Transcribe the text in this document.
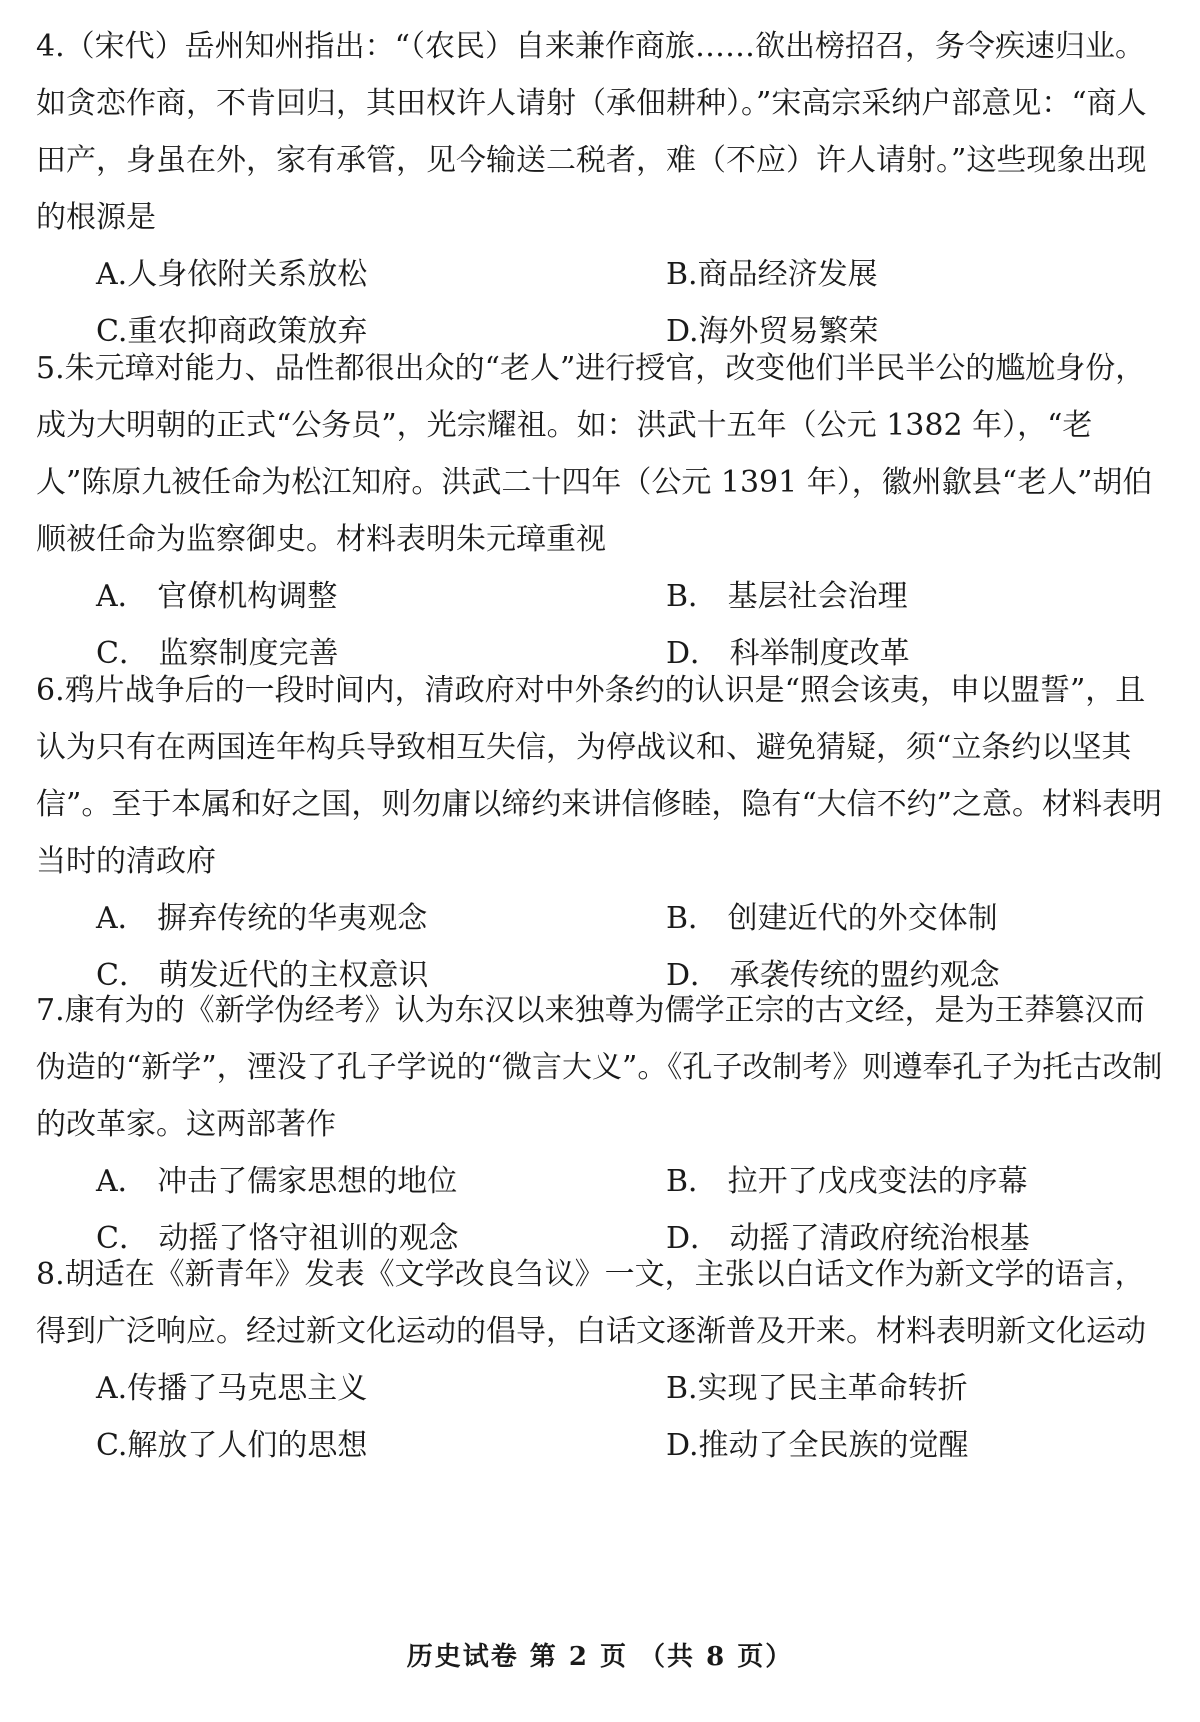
4.（宋代）岳州知州指出：“（农民）自来兼作商旅……欲出榜招召，务令疾速归业。如贪恋作商，不肯回归，其田权许人请射（承佃耕种）。”宋高宗采纳户部意见：“商人田产，身虽在外，家有承管，见今输送二税者，难（不应）许人请射。”这些现象出现的根源是

A.人身依附关系放松	B.商品经济发展
C.重农抑商政策放弃	D.海外贸易繁荣

5.朱元璋对能力、品性都很出众的“老人”进行授官，改变他们半民半公的尴尬身份，成为大明朝的正式“公务员”，光宗耀祖。如：洪武十五年（公元 1382 年），“老人”陈原九被任命为松江知府。洪武二十四年（公元 1391 年），徽州歙县“老人”胡伯顺被任命为监察御史。材料表明朱元璋重视

A． 官僚机构调整	B． 基层社会治理
C． 监察制度完善	D． 科举制度改革

6.鸦片战争后的一段时间内，清政府对中外条约的认识是“照会该夷，申以盟誓”，且认为只有在两国连年构兵导致相互失信，为停战议和、避免猜疑，须“立条约以坚其信”。至于本属和好之国，则勿庸以缔约来讲信修睦，隐有“大信不约”之意。材料表明当时的清政府

A． 摒弃传统的华夷观念	B． 创建近代的外交体制
C． 萌发近代的主权意识	D． 承袭传统的盟约观念

7.康有为的《新学伪经考》认为东汉以来独尊为儒学正宗的古文经，是为王莽篡汉而伪造的“新学”，湮没了孔子学说的“微言大义”。《孔子改制考》则遵奉孔子为托古改制的改革家。这两部著作

A． 冲击了儒家思想的地位	B． 拉开了戊戌变法的序幕
C． 动摇了恪守祖训的观念	D． 动摇了清政府统治根基

8.胡适在《新青年》发表《文学改良刍议》一文，主张以白话文作为新文学的语言，得到广泛响应。经过新文化运动的倡导，白话文逐渐普及开来。材料表明新文化运动

A.传播了马克思主义	B.实现了民主革命转折
C.解放了人们的思想	D.推动了全民族的觉醒
历史试卷 第 2 页 （共 8 页）
